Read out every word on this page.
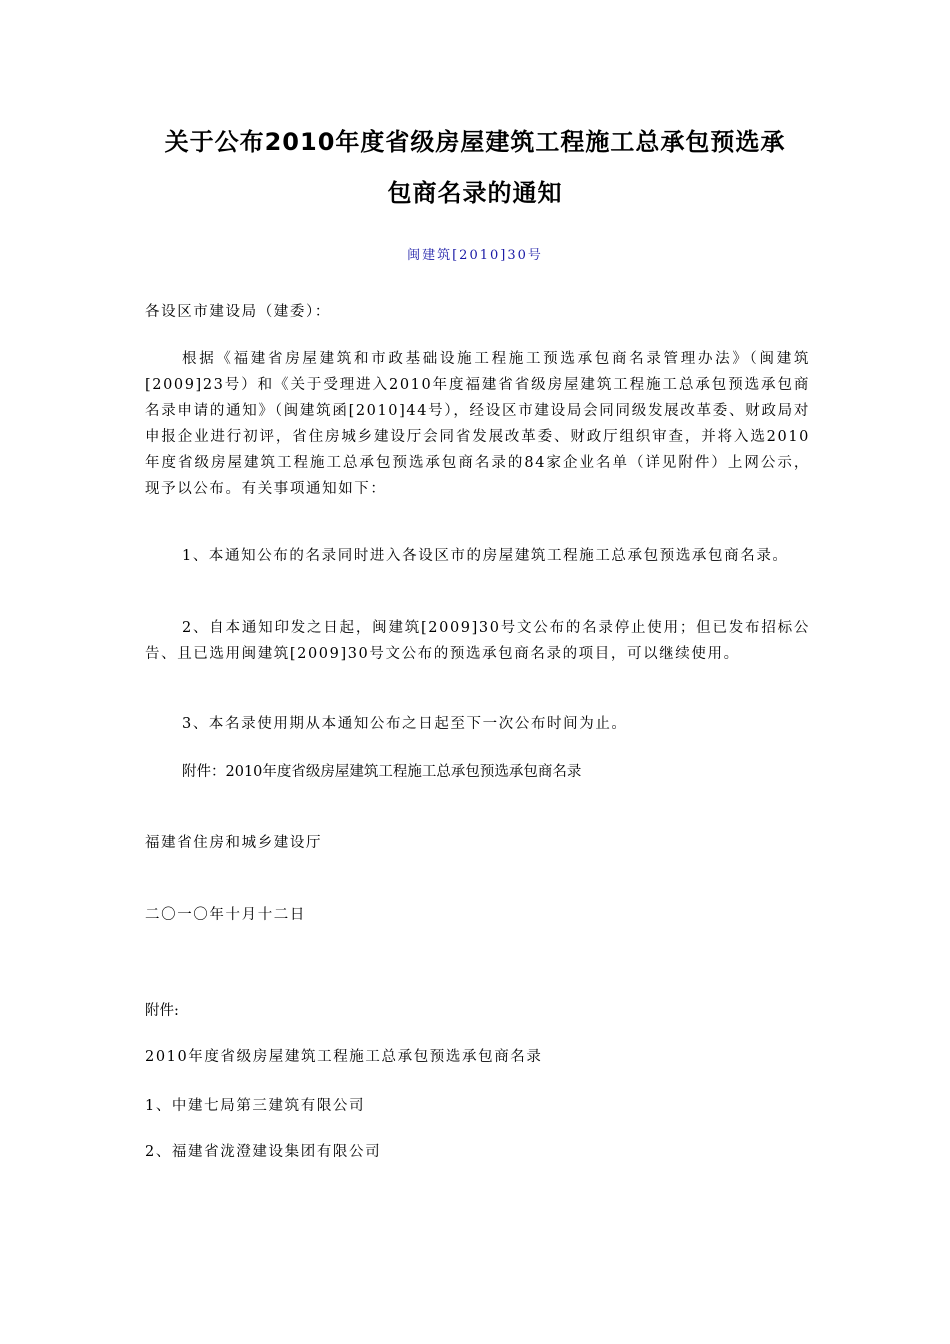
关于公布2010年度省级房屋建筑工程施工总承包预选承
包商名录的通知
闽建筑[2010]30号

各设区市建设局（建委）：

根据《福建省房屋建筑和市政基础设施工程施工预选承包商名录管理办法》（闽建筑[2009]23号）和《关于受理进入2010年度福建省省级房屋建筑工程施工总承包预选承包商名录申请的通知》（闽建筑函[2010]44号），经设区市建设局会同同级发展改革委、财政局对申报企业进行初评，省住房城乡建设厅会同省发展改革委、财政厅组织审查，并将入选2010年度省级房屋建筑工程施工总承包预选承包商名录的84家企业名单（详见附件）上网公示，现予以公布。有关事项通知如下：

1、本通知公布的名录同时进入各设区市的房屋建筑工程施工总承包预选承包商名录。

2、自本通知印发之日起，闽建筑[2009]30号文公布的名录停止使用；但已发布招标公告、且已选用闽建筑[2009]30号文公布的预选承包商名录的项目，可以继续使用。

3、本名录使用期从本通知公布之日起至下一次公布时间为止。

附件：2010年度省级房屋建筑工程施工总承包预选承包商名录

福建省住房和城乡建设厅

二〇一〇年十月十二日

附件:

2010年度省级房屋建筑工程施工总承包预选承包商名录

1、中建七局第三建筑有限公司

2、福建省泷澄建设集团有限公司
